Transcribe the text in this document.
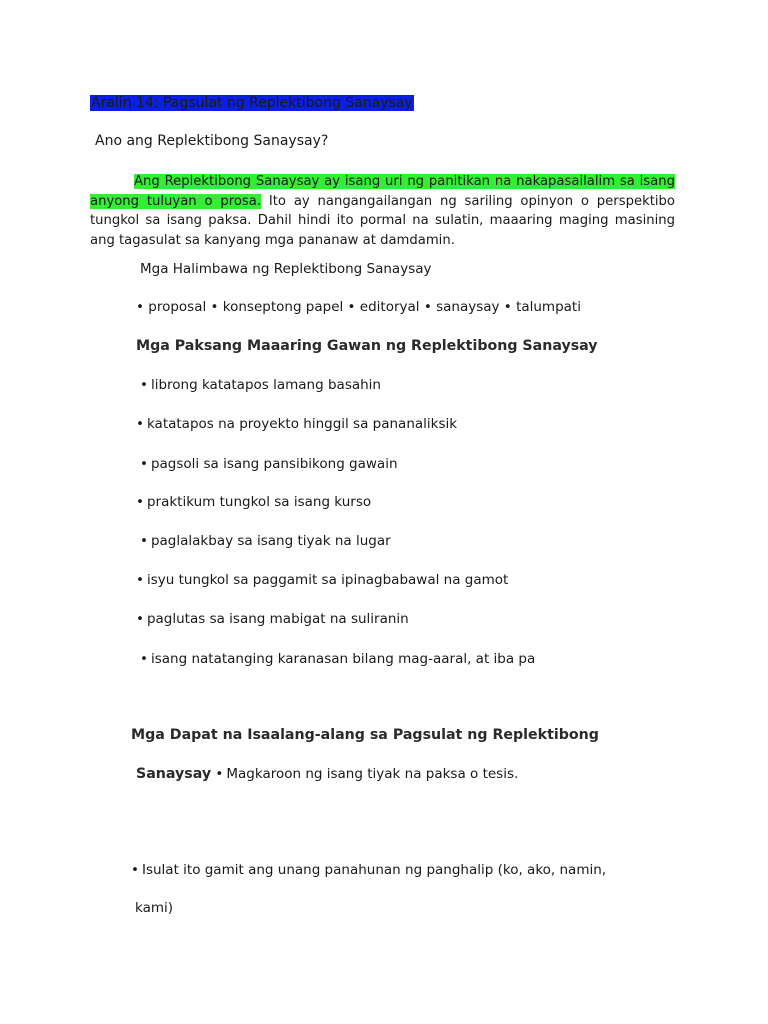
Aralin 14: Pagsulat ng Replektibong Sanaysay
Ano ang Replektibong Sanaysay?
Ang Replektibong Sanaysay ay isang uri ng panitikan na nakapasailalim sa isang anyong tuluyan o prosa. Ito ay nangangailangan ng sariling opinyon o perspektibo tungkol sa isang paksa. Dahil hindi ito pormal na sulatin, maaaring maging masining ang tagasulat sa kanyang mga pananaw at damdamin.
Mga Halimbawa ng Replektibong Sanaysay
• proposal • konseptong papel • editoryal • sanaysay • talumpati
Mga Paksang Maaaring Gawan ng Replektibong Sanaysay
• librong katatapos lamang basahin
• katatapos na proyekto hinggil sa pananaliksik
• pagsoli sa isang pansibikong gawain
• praktikum tungkol sa isang kurso
• paglalakbay sa isang tiyak na lugar
• isyu tungkol sa paggamit sa ipinagbabawal na gamot
• paglutas sa isang mabigat na suliranin
• isang natatanging karanasan bilang mag-aaral, at iba pa
Mga Dapat na Isaalang-alang sa Pagsulat ng Replektibong
Sanaysay • Magkaroon ng isang tiyak na paksa o tesis.
• Isulat ito gamit ang unang panahunan ng panghalip (ko, ako, namin,
kami)
